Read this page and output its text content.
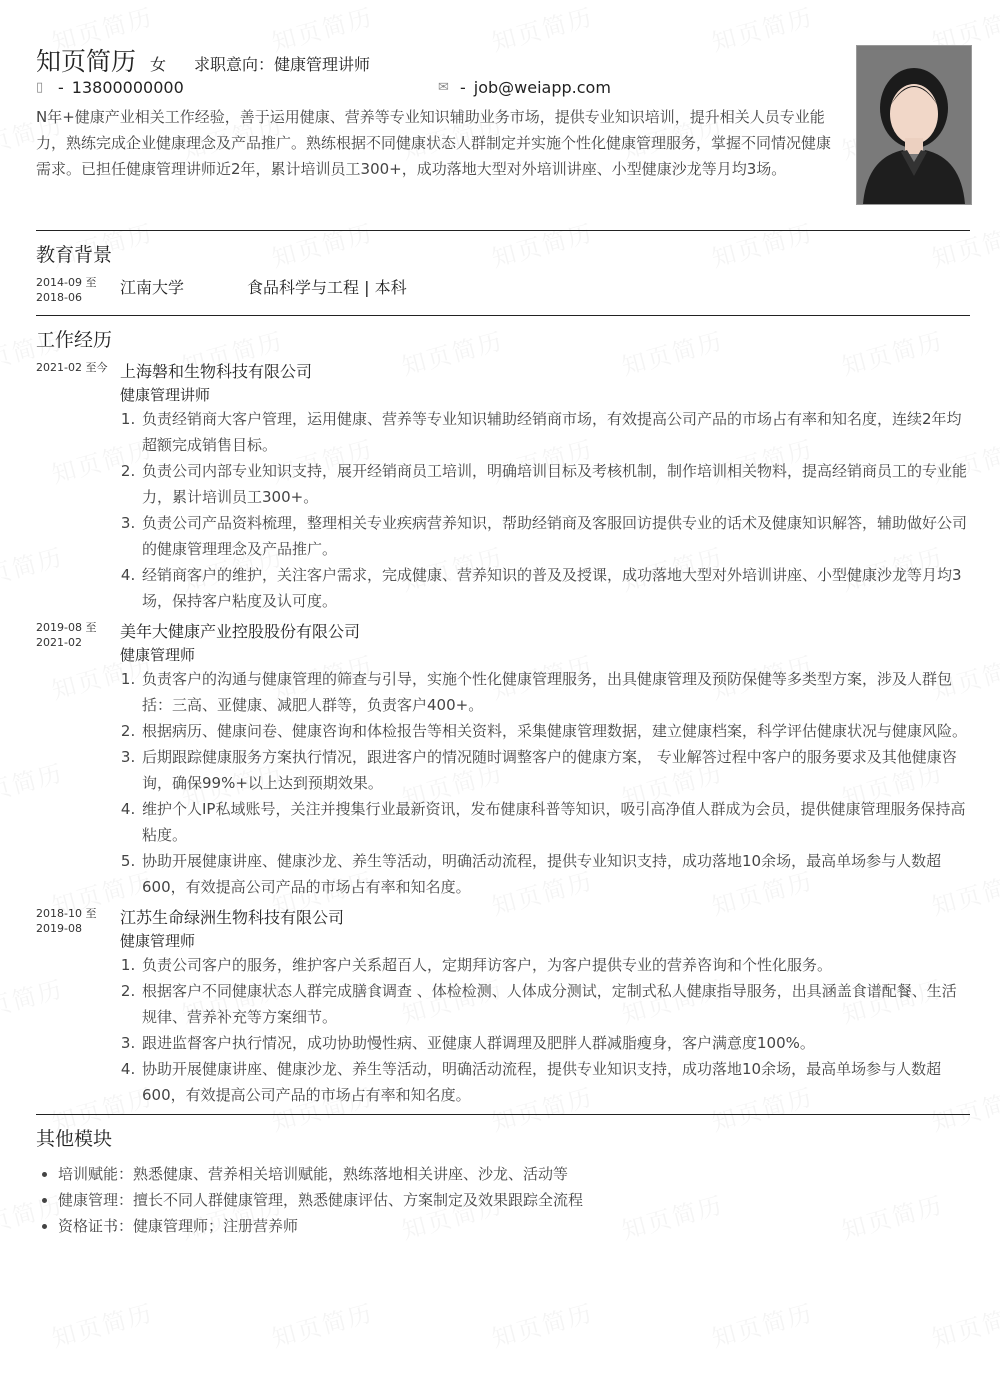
知页简历 女 求职意向：健康管理讲师
▯ - 13800000000	✉ - job@weiapp.com

N年+健康产业相关工作经验，善于运用健康、营养等专业知识辅助业务市场，提供专业知识培训，提升相关人员专业能力，熟练完成企业健康理念及产品推广。熟练根据不同健康状态人群制定并实施个性化健康管理服务，掌握不同情况健康需求。已担任健康管理讲师近2年，累计培训员工300+，成功落地大型对外培训讲座、小型健康沙龙等月均3场。

教育背景
2014-09 至
2018-06
江南大学	食品科学与工程 | 本科
工作经历
2021-02 至今 上海磐和生物科技有限公司
健康管理讲师
1. 负责经销商大客户管理，运用健康、营养等专业知识辅助经销商市场，有效提高公司产品的市场占有率和知名度，连续2年均超额完成销售目标。
2. 负责公司内部专业知识支持，展开经销商员工培训，明确培训目标及考核机制，制作培训相关物料，提高经销商员工的专业能力，累计培训员工300+。
3. 负责公司产品资料梳理，整理相关专业疾病营养知识，帮助经销商及客服回访提供专业的话术及健康知识解答，辅助做好公司的健康管理理念及产品推广。
4. 经销商客户的维护，关注客户需求，完成健康、营养知识的普及及授课，成功落地大型对外培训讲座、小型健康沙龙等月均3场，保持客户粘度及认可度。
2019-08 至
2021-02
美年大健康产业控股股份有限公司
健康管理师
1. 负责客户的沟通与健康管理的筛查与引导，实施个性化健康管理服务，出具健康管理及预防保健等多类型方案，涉及人群包括：三高、亚健康、减肥人群等，负责客户400+。
2. 根据病历、健康问卷、健康咨询和体检报告等相关资料，采集健康管理数据，建立健康档案，科学评估健康状况与健康风险。
3. 后期跟踪健康服务方案执行情况，跟进客户的情况随时调整客户的健康方案， 专业解答过程中客户的服务要求及其他健康咨询，确保99%+以上达到预期效果。
4. 维护个人IP私域账号，关注并搜集行业最新资讯，发布健康科普等知识，吸引高净值人群成为会员，提供健康管理服务保持高粘度。
5. 协助开展健康讲座、健康沙龙、养生等活动，明确活动流程，提供专业知识支持，成功落地10余场，最高单场参与人数超600，有效提高公司产品的市场占有率和知名度。
2018-10 至
2019-08
江苏生命绿洲生物科技有限公司
健康管理师
1. 负责公司客户的服务，维护客户关系超百人，定期拜访客户，为客户提供专业的营养咨询和个性化服务。
2. 根据客户不同健康状态人群完成膳食调查 、体检检测、人体成分测试，定制式私人健康指导服务，出具涵盖食谱配餐、生活规律、营养补充等方案细节。
3. 跟进监督客户执行情况，成功协助慢性病、亚健康人群调理及肥胖人群减脂瘦身，客户满意度100%。
4. 协助开展健康讲座、健康沙龙、养生等活动，明确活动流程，提供专业知识支持，成功落地10余场，最高单场参与人数超600，有效提高公司产品的市场占有率和知名度。
其他模块
• 培训赋能：熟悉健康、营养相关培训赋能，熟练落地相关讲座、沙龙、活动等
• 健康管理：擅长不同人群健康管理，熟悉健康评估、方案制定及效果跟踪全流程
• 资格证书：健康管理师；注册营养师
